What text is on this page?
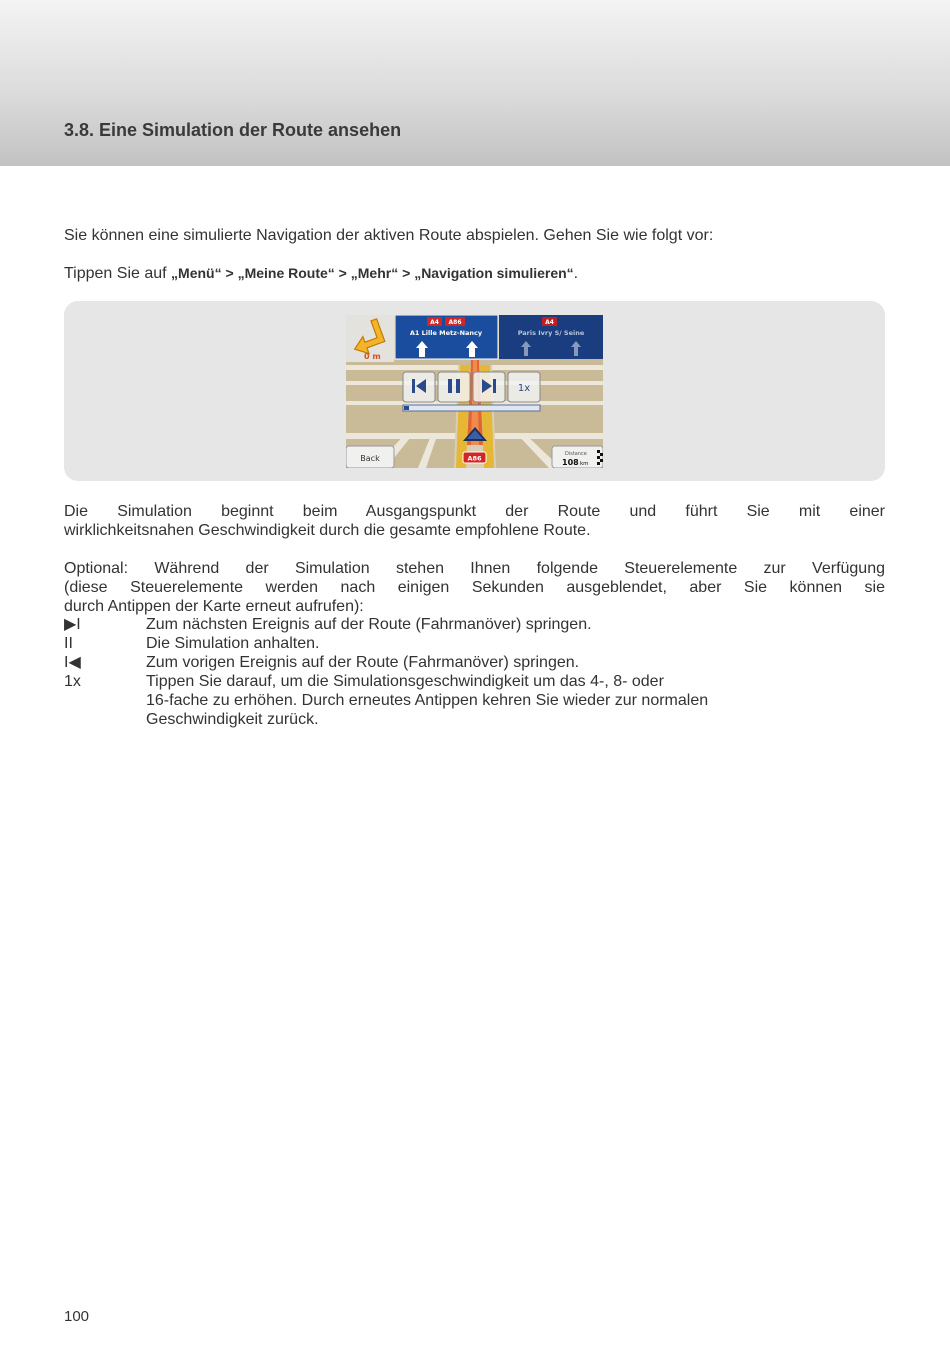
3.8. Eine Simulation der Route ansehen

Sie können eine simulierte Navigation der aktiven Route abspielen. Gehen Sie wie folgt vor:

Tippen Sie auf „Menü“ > „Meine Route“ > „Mehr“ > „Navigation simulieren“.

0 m
A4 A86
A1 Lille Metz-Nancy
A4
Paris Ivry S/ Seine
1x
Back	A86
Distance
108 km
Die Simulation beginnt beim Ausgangspunkt der Route und führt Sie mit einer
wirklichkeitsnahen Geschwindigkeit durch die gesamte empfohlene Route.
Optional: Während der Simulation stehen Ihnen folgende Steuerelemente zur Verfügung
(diese Steuerelemente werden nach einigen Sekunden ausgeblendet, aber Sie können sie
durch Antippen der Karte erneut aufrufen):
▶I	Zum nächsten Ereignis auf der Route (Fahrmanöver) springen.
II	Die Simulation anhalten.
I◀	Zum vorigen Ereignis auf der Route (Fahrmanöver) springen.
1x	Tippen Sie darauf, um die Simulationsgeschwindigkeit um das 4-, 8- oder
16-fache zu erhöhen. Durch erneutes Antippen kehren Sie wieder zur normalen
Geschwindigkeit zurück.
100
